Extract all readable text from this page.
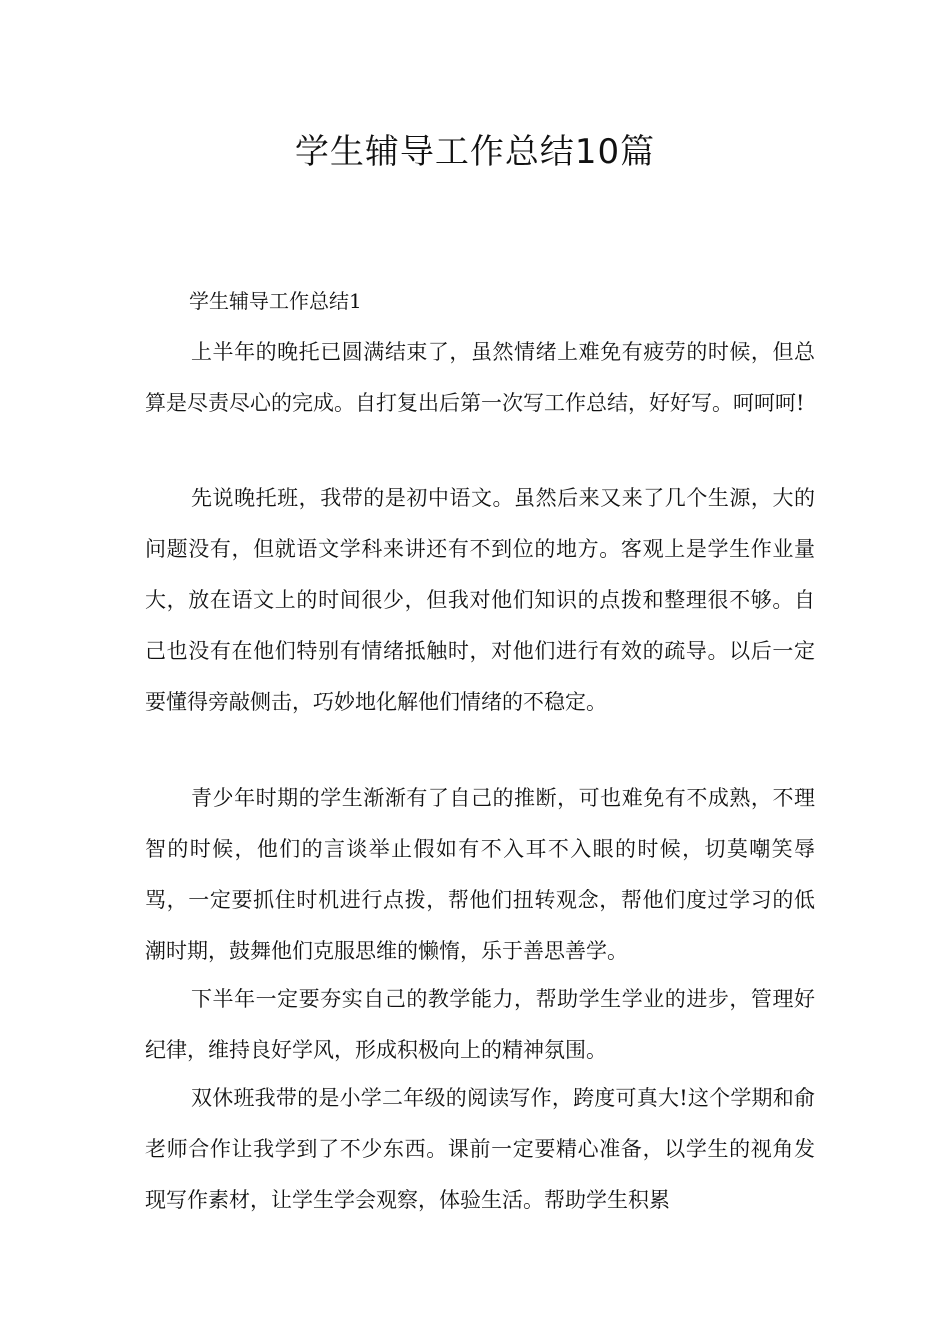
学生辅导工作总结10篇
学生辅导工作总结1

上半年的晚托已圆满结束了，虽然情绪上难免有疲劳的时候，但总算是尽责尽心的完成。自打复出后第一次写工作总结，好好写。呵呵呵!

先说晚托班，我带的是初中语文。虽然后来又来了几个生源，大的问题没有，但就语文学科来讲还有不到位的地方。客观上是学生作业量大，放在语文上的时间很少，但我对他们知识的点拨和整理很不够。自己也没有在他们特别有情绪抵触时，对他们进行有效的疏导。以后一定要懂得旁敲侧击，巧妙地化解他们情绪的不稳定。

青少年时期的学生渐渐有了自己的推断，可也难免有不成熟，不理智的时候，他们的言谈举止假如有不入耳不入眼的时候，切莫嘲笑辱骂，一定要抓住时机进行点拨，帮他们扭转观念，帮他们度过学习的低潮时期，鼓舞他们克服思维的懒惰，乐于善思善学。

下半年一定要夯实自己的教学能力，帮助学生学业的进步，管理好纪律，维持良好学风，形成积极向上的精神氛围。

双休班我带的是小学二年级的阅读写作，跨度可真大!这个学期和俞老师合作让我学到了不少东西。课前一定要精心准备，以学生的视角发现写作素材，让学生学会观察，体验生活。帮助学生积累
